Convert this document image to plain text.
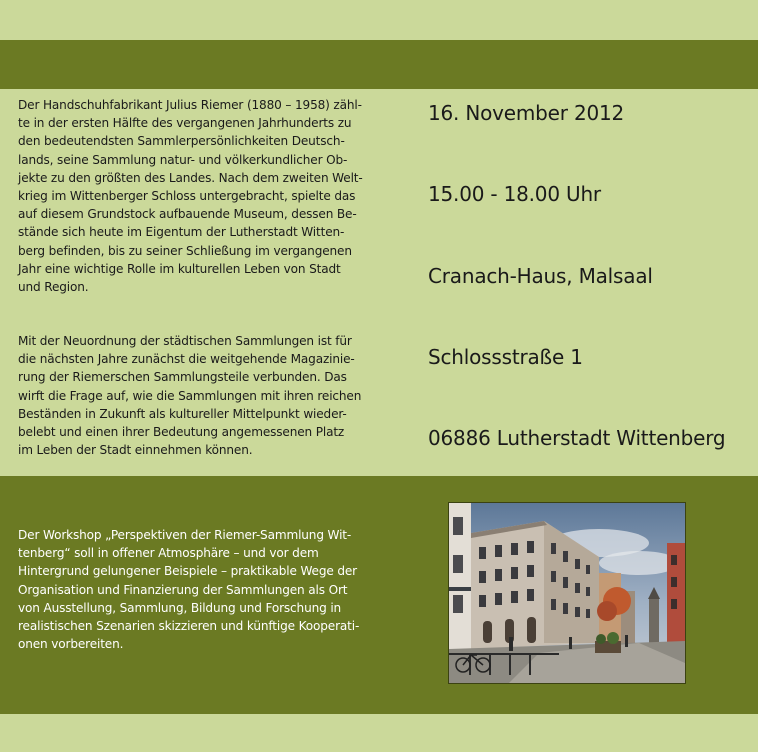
Der Handschuhfabrikant Julius Riemer (1880 – 1958) zähl-
te in der ersten Hälfte des vergangenen Jahrhunderts zu
den bedeutendsten Sammlerpersönlichkeiten Deutsch-
lands, seine Sammlung natur- und völkerkundlicher Ob-
jekte zu den größten des Landes. Nach dem zweiten Welt-
krieg im Wittenberger Schloss untergebracht, spielte das
auf diesem Grundstock aufbauende Museum, dessen Be-
stände sich heute im Eigentum der Lutherstadt Witten-
berg befinden, bis zu seiner Schließung im vergangenen
Jahr eine wichtige Rolle im kulturellen Leben von Stadt
und Region.
Mit der Neuordnung der städtischen Sammlungen ist für
die nächsten Jahre zunächst die weitgehende Magazinie-
rung der Riemerschen Sammlungsteile verbunden. Das
wirft die Frage auf, wie die Sammlungen mit ihren reichen
Beständen in Zukunft als kultureller Mittelpunkt wieder-
belebt und einen ihrer Bedeutung angemessenen Platz
im Leben der Stadt einnehmen können.
Der Workshop „Perspektiven der Riemer-Sammlung Wit-
tenberg“ soll in offener Atmosphäre – und vor dem
Hintergrund gelungener Beispiele – praktikable Wege der
Organisation und Finanzierung der Sammlungen als Ort
von Ausstellung, Sammlung, Bildung und Forschung in
realistischen Szenarien skizzieren und künftige Kooperati-
onen vorbereiten.
16. November 2012
15.00 - 18.00 Uhr
Cranach-Haus, Malsaal
Schlossstraße 1
06886 Lutherstadt Wittenberg
